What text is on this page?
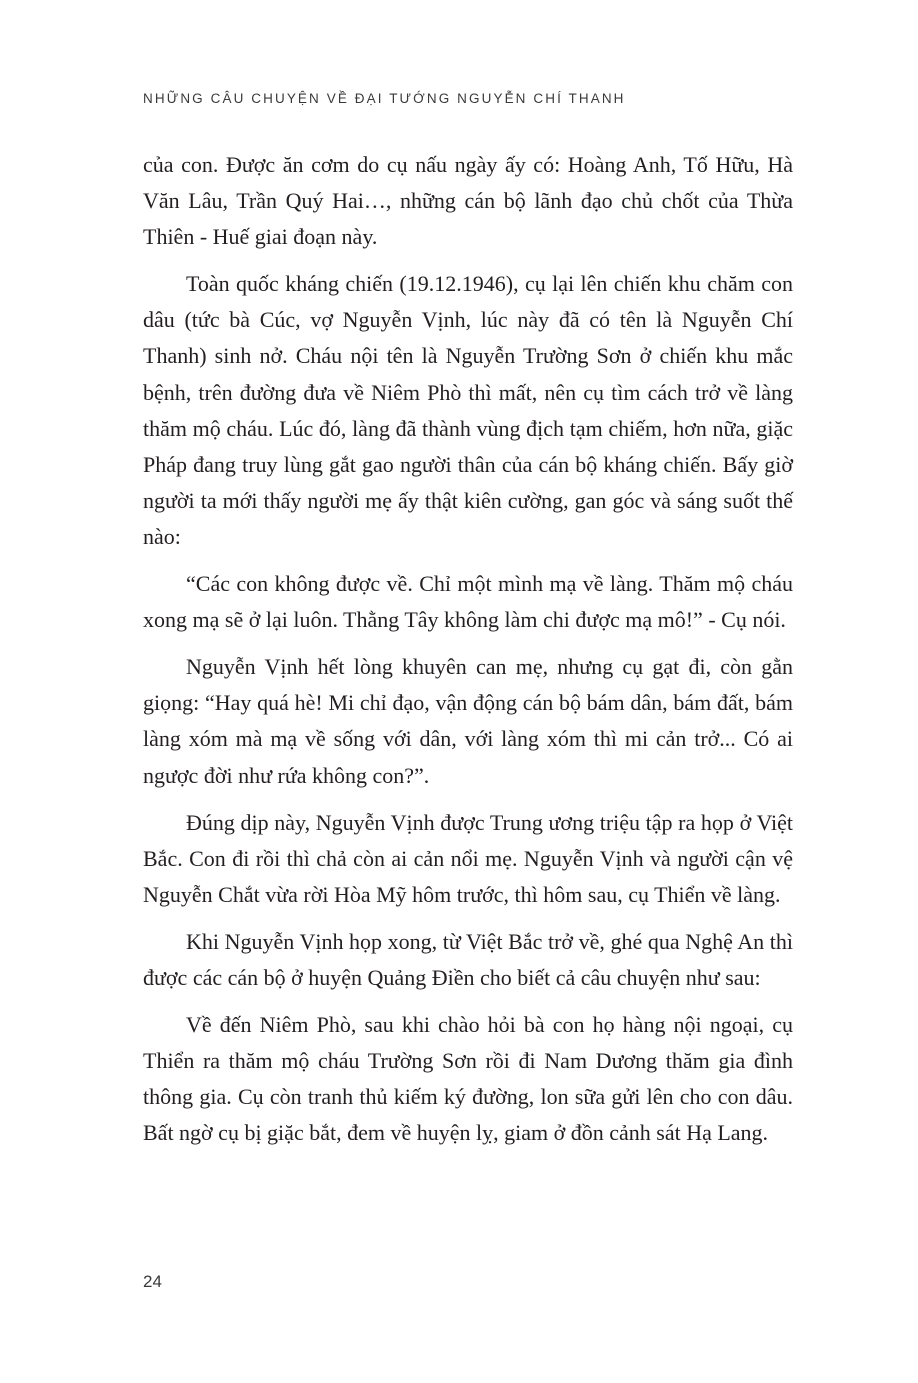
NHỮNG CÂU CHUYỆN VỀ ĐẠI TƯỚNG NGUYỄN CHÍ THANH

của con. Được ăn cơm do cụ nấu ngày ấy có: Hoàng Anh, Tố Hữu, Hà Văn Lâu, Trần Quý Hai…, những cán bộ lãnh đạo chủ chốt của Thừa Thiên - Huế giai đoạn này.

Toàn quốc kháng chiến (19.12.1946), cụ lại lên chiến khu chăm con dâu (tức bà Cúc, vợ Nguyễn Vịnh, lúc này đã có tên là Nguyễn Chí Thanh) sinh nở. Cháu nội tên là Nguyễn Trường Sơn ở chiến khu mắc bệnh, trên đường đưa về Niêm Phò thì mất, nên cụ tìm cách trở về làng thăm mộ cháu. Lúc đó, làng đã thành vùng địch tạm chiếm, hơn nữa, giặc Pháp đang truy lùng gắt gao người thân của cán bộ kháng chiến. Bấy giờ người ta mới thấy người mẹ ấy thật kiên cường, gan góc và sáng suốt thế nào:

“Các con không được về. Chỉ một mình mạ về làng. Thăm mộ cháu xong mạ sẽ ở lại luôn. Thằng Tây không làm chi được mạ mô!” - Cụ nói.

Nguyễn Vịnh hết lòng khuyên can mẹ, nhưng cụ gạt đi, còn gằn giọng: “Hay quá hè! Mi chỉ đạo, vận động cán bộ bám dân, bám đất, bám làng xóm mà mạ về sống với dân, với làng xóm thì mi cản trở... Có ai ngược đời như rứa không con?”.

Đúng dịp này, Nguyễn Vịnh được Trung ương triệu tập ra họp ở Việt Bắc. Con đi rồi thì chả còn ai cản nổi mẹ. Nguyễn Vịnh và người cận vệ Nguyễn Chắt vừa rời Hòa Mỹ hôm trước, thì hôm sau, cụ Thiển về làng.

Khi Nguyễn Vịnh họp xong, từ Việt Bắc trở về, ghé qua Nghệ An thì được các cán bộ ở huyện Quảng Điền cho biết cả câu chuyện như sau:

Về đến Niêm Phò, sau khi chào hỏi bà con họ hàng nội ngoại, cụ Thiển ra thăm mộ cháu Trường Sơn rồi đi Nam Dương thăm gia đình thông gia. Cụ còn tranh thủ kiếm ký đường, lon sữa gửi lên cho con dâu. Bất ngờ cụ bị giặc bắt, đem về huyện lỵ, giam ở đồn cảnh sát Hạ Lang.

24
